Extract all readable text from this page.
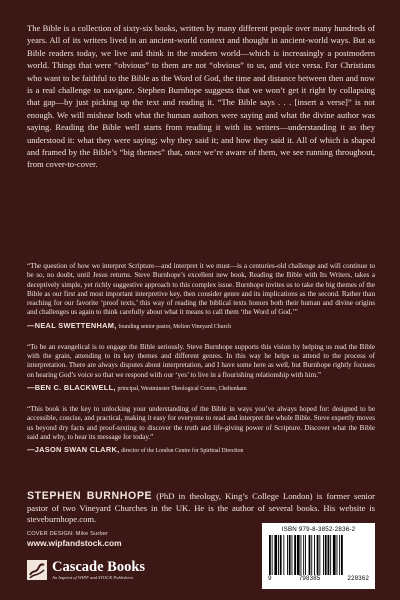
The Bible is a collection of sixty-six books, written by many different people over many hundreds of years. All of its writers lived in an ancient-world context and thought in ancient-world ways. But as Bible readers today, we live and think in the modern world—which is increasingly a postmodern world. Things that were “obvious” to them are not “obvious” to us, and vice versa. For Christians who want to be faithful to the Bible as the Word of God, the time and distance between then and now is a real challenge to navigate. Stephen Burnhope suggests that we won’t get it right by collapsing that gap—by just picking up the text and reading it. “The Bible says . . . [insert a verse]” is not enough. We will mishear both what the human authors were saying and what the divine author was saying. Reading the Bible well starts from reading it with its writers—understanding it as they understood it: what they were saying; why they said it; and how they said it. All of which is shaped and framed by the Bible’s “big themes” that, once we’re aware of them, we see running throughout, from cover-to-cover.

“The question of how we interpret Scripture—and interpret it we must—is a centuries-old challenge and will continue to be so, no doubt, until Jesus returns. Steve Burnhope’s excellent new book, Reading the Bible with Its Writers, takes a deceptively simple, yet richly suggestive approach to this complex issue. Burnhope invites us to take the big themes of the Bible as our first and most important interpretive key, then consider genre and its implications as the second. Rather than reaching for our favorite ‘proof texts,’ this way of reading the biblical texts honors both their human and divine origins and challenges us again to think carefully about what it means to call them ‘the Word of God.’”

—NEAL SWETTENHAM, founding senior pastor, Melton Vineyard Church

“To be an evangelical is to engage the Bible seriously. Steve Burnhope supports this vision by helping us read the Bible with the grain, attending to its key themes and different genres. In this way he helps us attend to the process of interpretation. There are always disputes about interpretation, and I have some here as well, but Burnhope rightly focuses on hearing God’s voice so that we respond with our ‘yes’ to live in a flourishing relationship with him.”

—BEN C. BLACKWELL, principal, Westminster Theological Centre, Cheltenham

“This book is the key to unlocking your understanding of the Bible in ways you’ve always hoped for: designed to be accessible, concise, and practical, making it easy for everyone to read and interpret the whole Bible. Steve expertly moves us beyond dry facts and proof-texting to discover the truth and life-giving power of Scripture. Discover what the Bible said and why, to hear its message for today.”

—JASON SWAN CLARK, director of the London Centre for Spiritual Direction

STEPHEN BURNHOPE (PhD in theology, King’s College London) is former senior pastor of two Vineyard Churches in the UK. He is the author of several books. His website is steveburnhope.com.

COVER DESIGN: Mike Surber
www.wipfandstock.com
Cascade Books
An Imprint of WIPF and STOCK Publishers
ISBN 979-8-3852-2836-2
9	798385	228362
